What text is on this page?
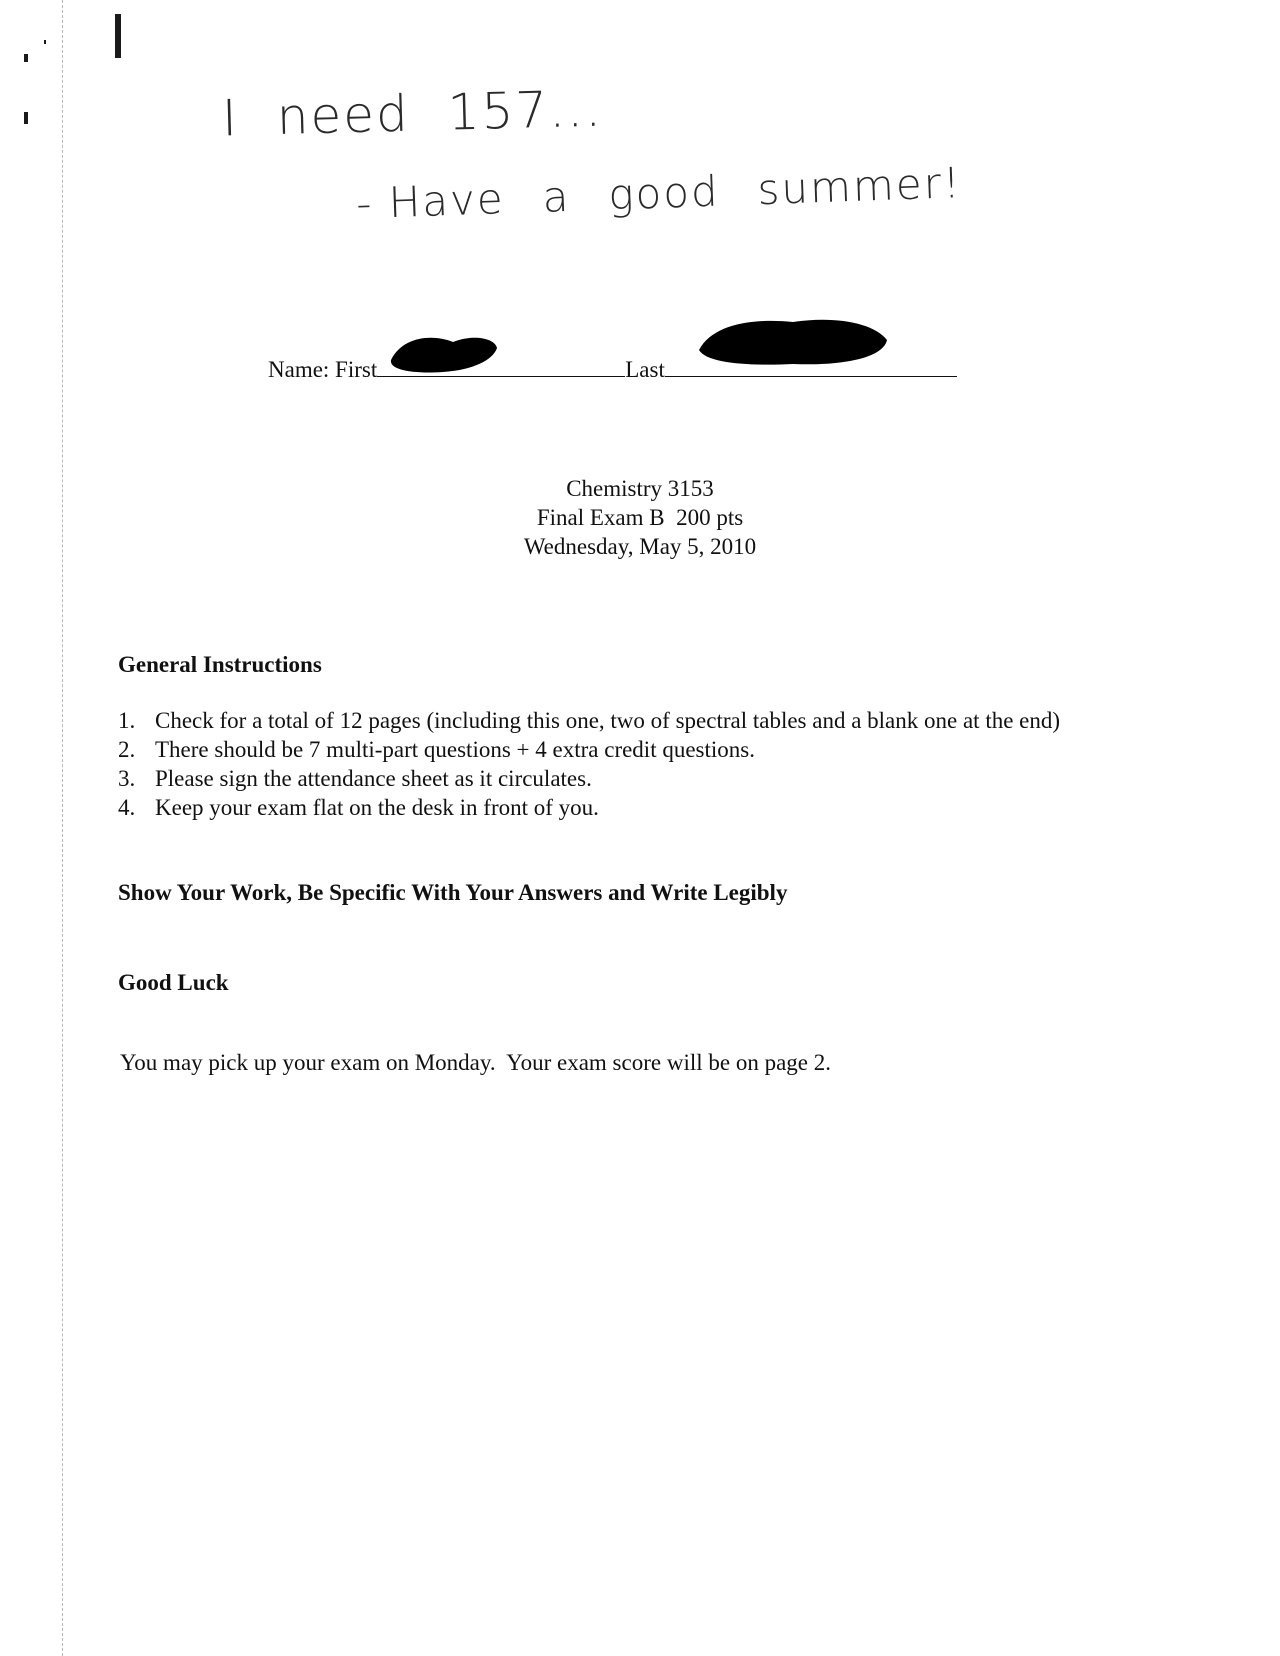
I need 157...
- Have a good summer!
Name: First	Last
Chemistry 3153
Final Exam B  200 pts
Wednesday, May 5, 2010
General Instructions
1. Check for a total of 12 pages (including this one, two of spectral tables and a blank one at the end)
2. There should be 7 multi-part questions + 4 extra credit questions.
3. Please sign the attendance sheet as it circulates.
4. Keep your exam flat on the desk in front of you.
Show Your Work, Be Specific With Your Answers and Write Legibly
Good Luck
You may pick up your exam on Monday.  Your exam score will be on page 2.
